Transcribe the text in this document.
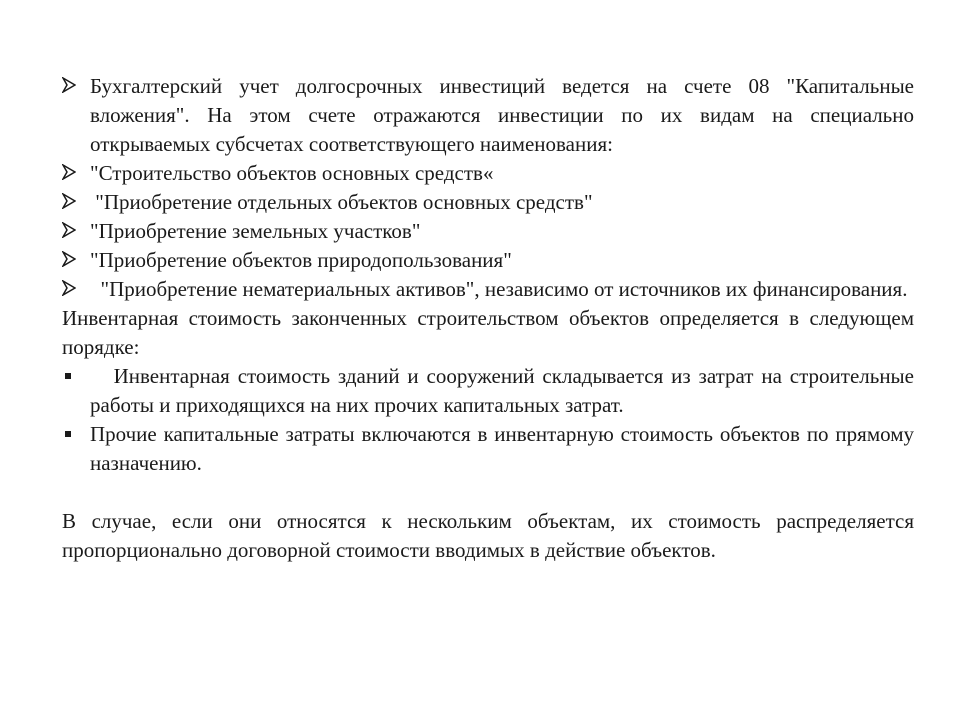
Бухгалтерский учет долгосрочных инвестиций ведется на счете 08 "Капитальные вложения". На этом счете отражаются инвестиции по их видам на специально открываемых субсчетах соответствующего наименования:
"Строительство объектов основных средств«
"Приобретение отдельных объектов основных средств"
"Приобретение земельных участков"
"Приобретение объектов природопользования"
"Приобретение нематериальных активов", независимо от источников их финансирования.

Инвентарная стоимость законченных строительством объектов определяется в следующем порядке:

Инвентарная стоимость зданий и сооружений складывается из затрат на строительные работы и приходящихся на них прочих капитальных затрат.
Прочие капитальные затраты включаются в инвентарную стоимость объектов по прямому назначению.

В случае, если они относятся к нескольким объектам, их стоимость распределяется пропорционально договорной стоимости вводимых в действие объектов.
